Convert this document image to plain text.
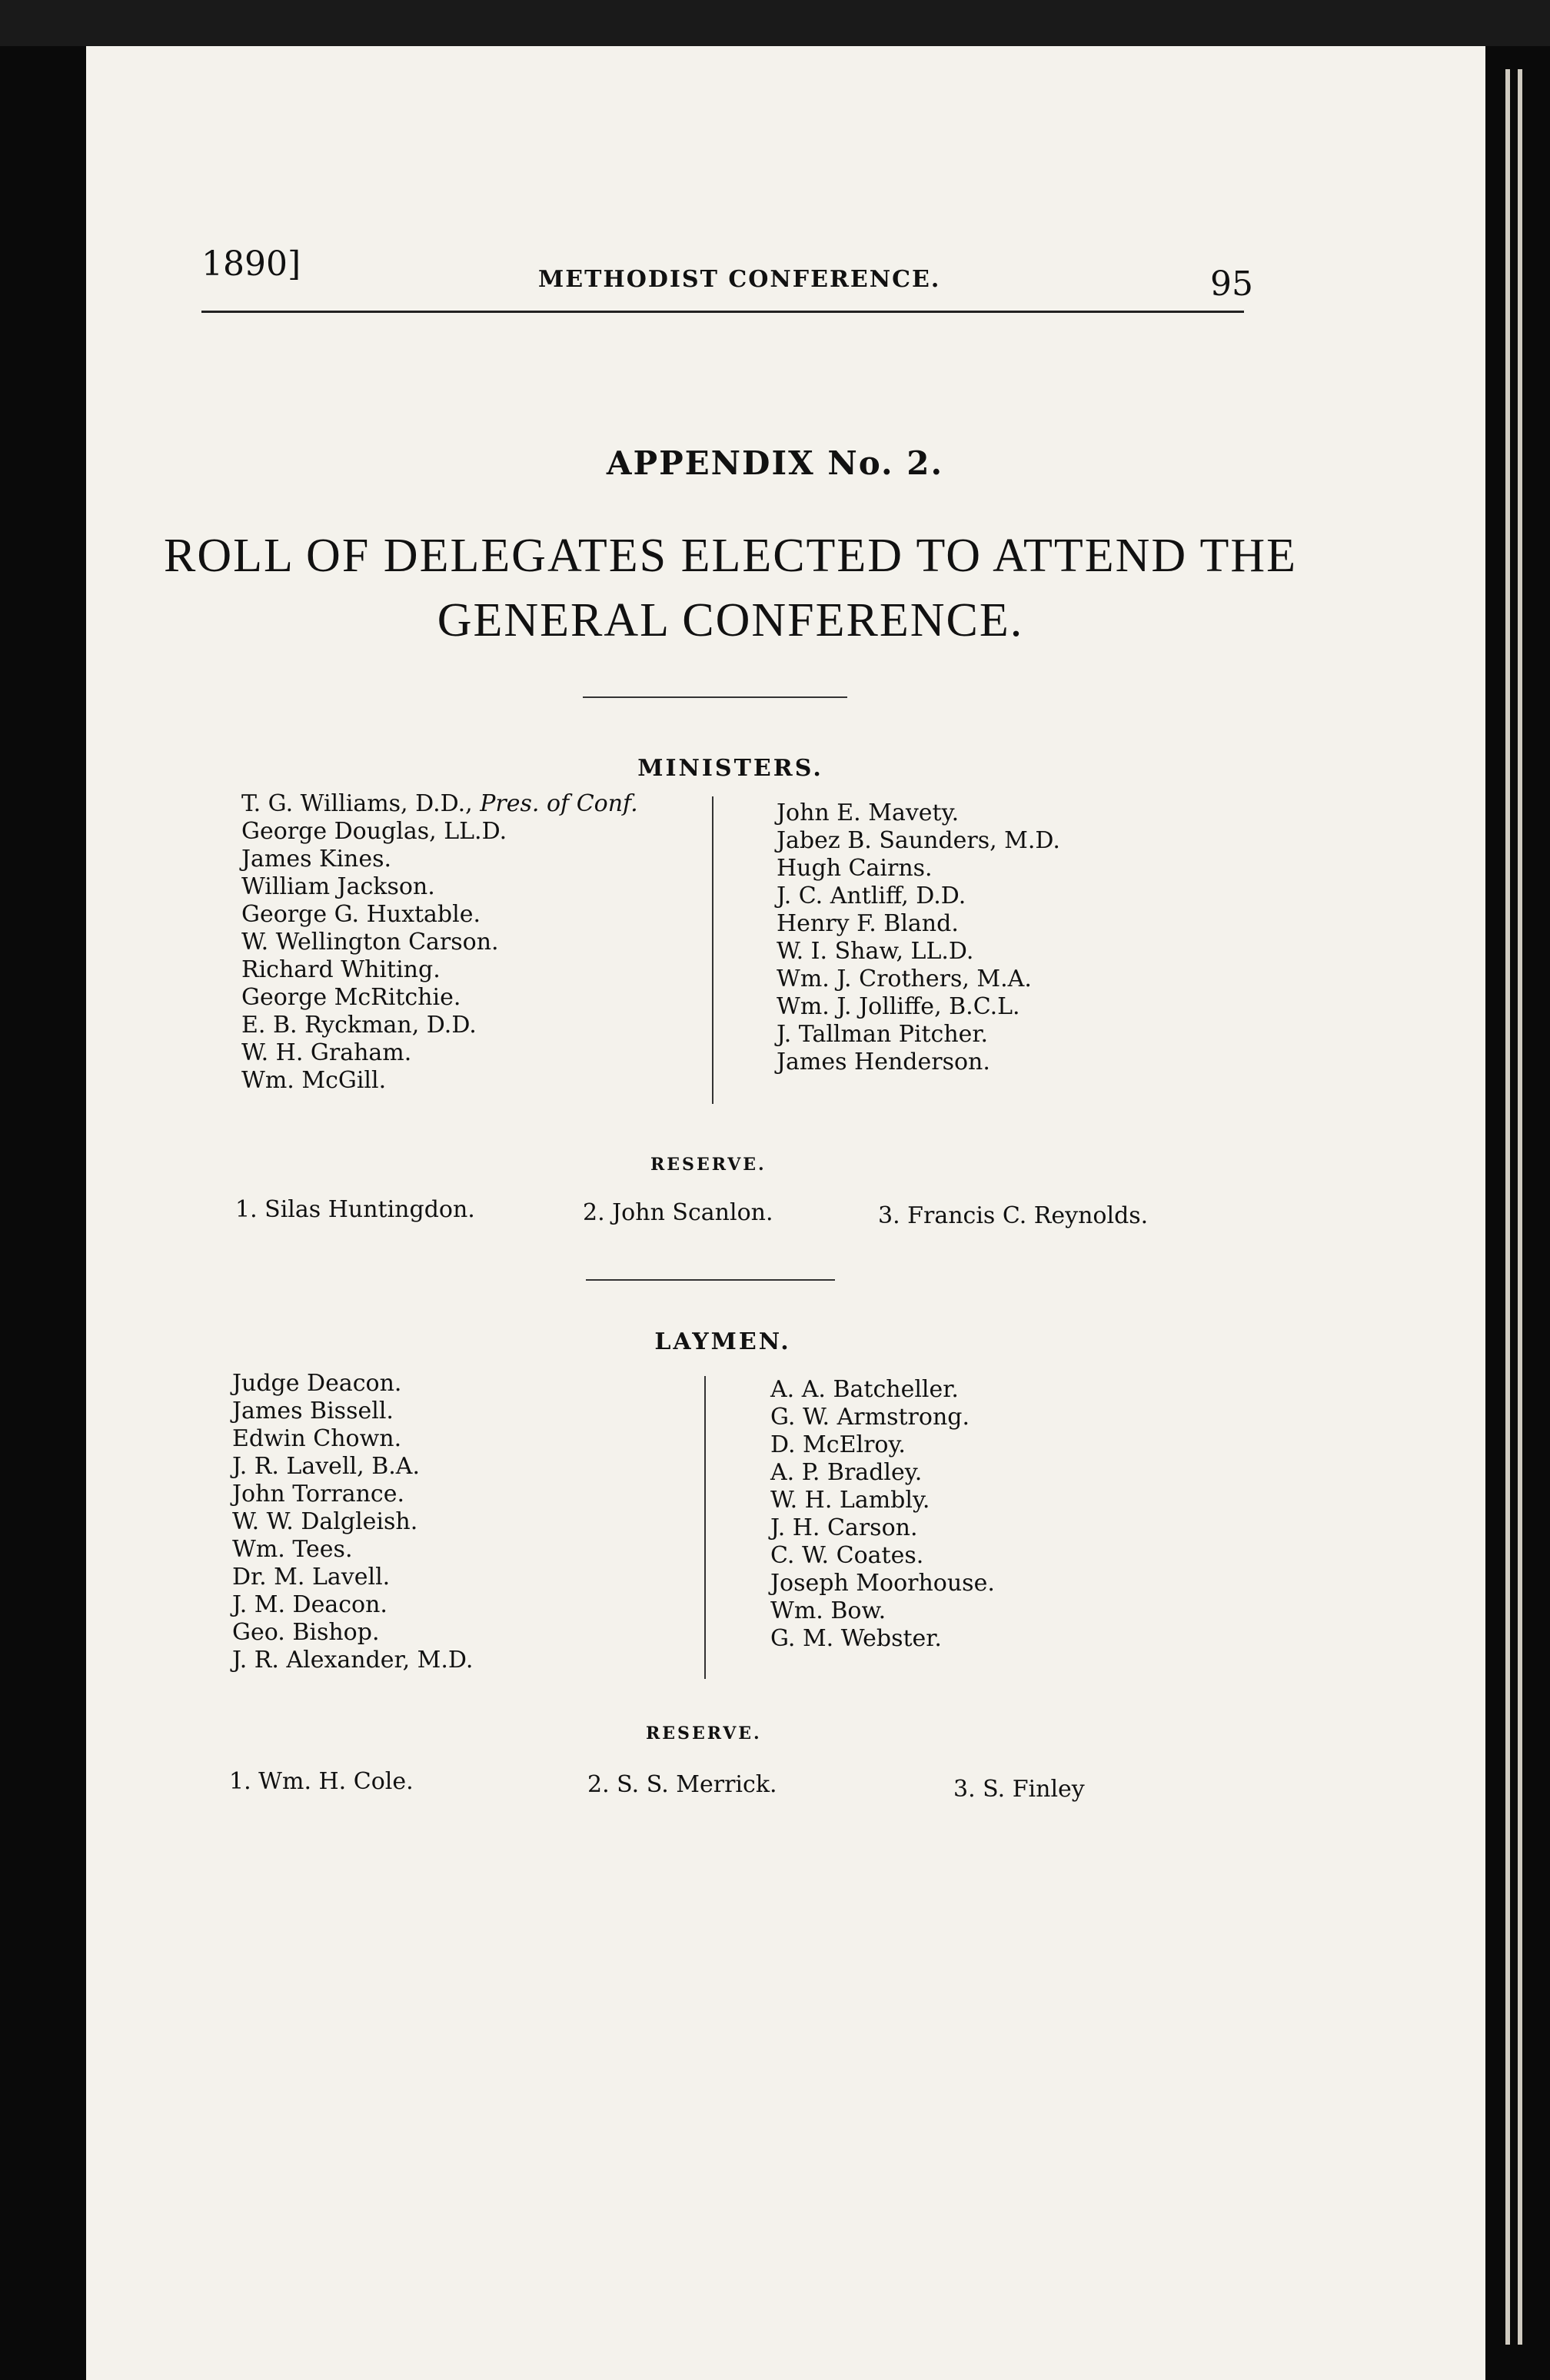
1890]	METHODIST CONFERENCE.	95
APPENDIX No. 2.
ROLL OF DELEGATES ELECTED TO ATTEND THE
GENERAL CONFERENCE.
MINISTERS.
T. G. Williams, D.D., Pres. of Conf.
George Douglas, LL.D.
James Kines.
William Jackson.
George G. Huxtable.
W. Wellington Carson.
Richard Whiting.
George McRitchie.
E. B. Ryckman, D.D.
W. H. Graham.
Wm. McGill.
John E. Mavety.
Jabez B. Saunders, M.D.
Hugh Cairns.
J. C. Antliff, D.D.
Henry F. Bland.
W. I. Shaw, LL.D.
Wm. J. Crothers, M.A.
Wm. J. Jolliffe, B.C.L.
J. Tallman Pitcher.
James Henderson.
RESERVE.
1. Silas Huntingdon.	2. John Scanlon.	3. Francis C. Reynolds.
LAYMEN.
Judge Deacon.
James Bissell.
Edwin Chown.
J. R. Lavell, B.A.
John Torrance.
W. W. Dalgleish.
Wm. Tees.
Dr. M. Lavell.
J. M. Deacon.
Geo. Bishop.
J. R. Alexander, M.D.
A. A. Batcheller.
G. W. Armstrong.
D. McElroy.
A. P. Bradley.
W. H. Lambly.
J. H. Carson.
C. W. Coates.
Joseph Moorhouse.
Wm. Bow.
G. M. Webster.
RESERVE.
1. Wm. H. Cole.	2. S. S. Merrick.	3. S. Finley
